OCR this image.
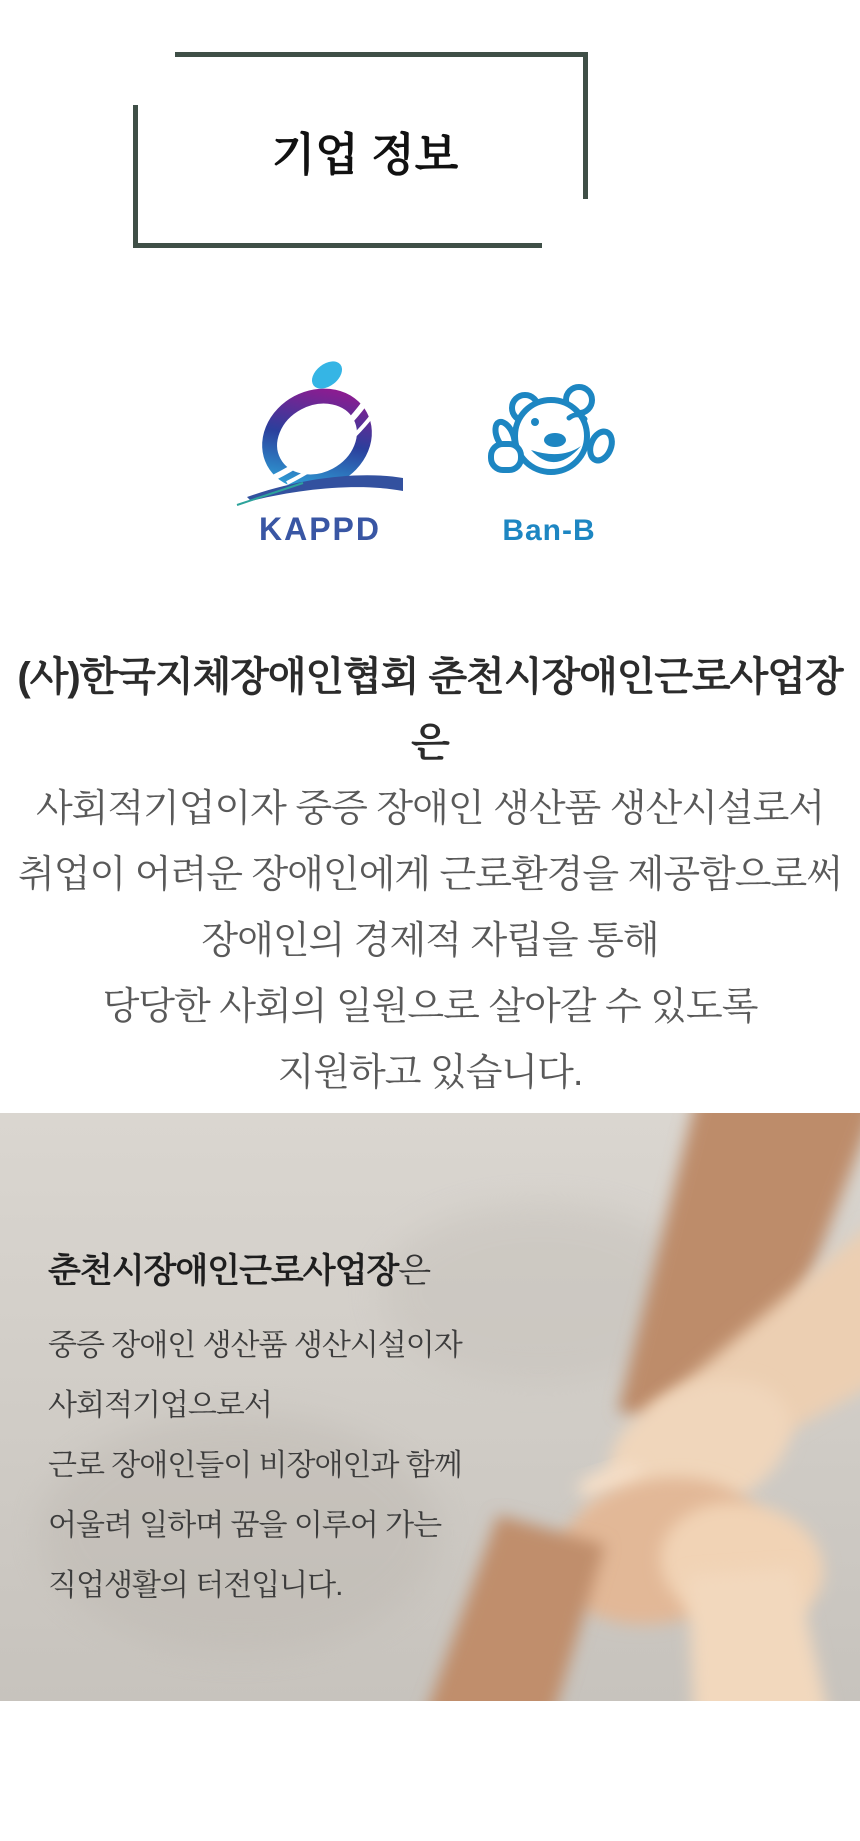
기업 정보
KAPPD	Ban-B

(사)한국지체장애인협회 춘천시장애인근로사업장은

사회적기업이자 중증 장애인 생산품 생산시설로서

취업이 어려운 장애인에게 근로환경을 제공함으로써

장애인의 경제적 자립을 통해

당당한 사회의 일원으로 살아갈 수 있도록

지원하고 있습니다.

춘천시장애인근로사업장은

중증 장애인 생산품 생산시설이자

사회적기업으로서

근로 장애인들이 비장애인과 함께

어울려 일하며 꿈을 이루어 가는

직업생활의 터전입니다.
